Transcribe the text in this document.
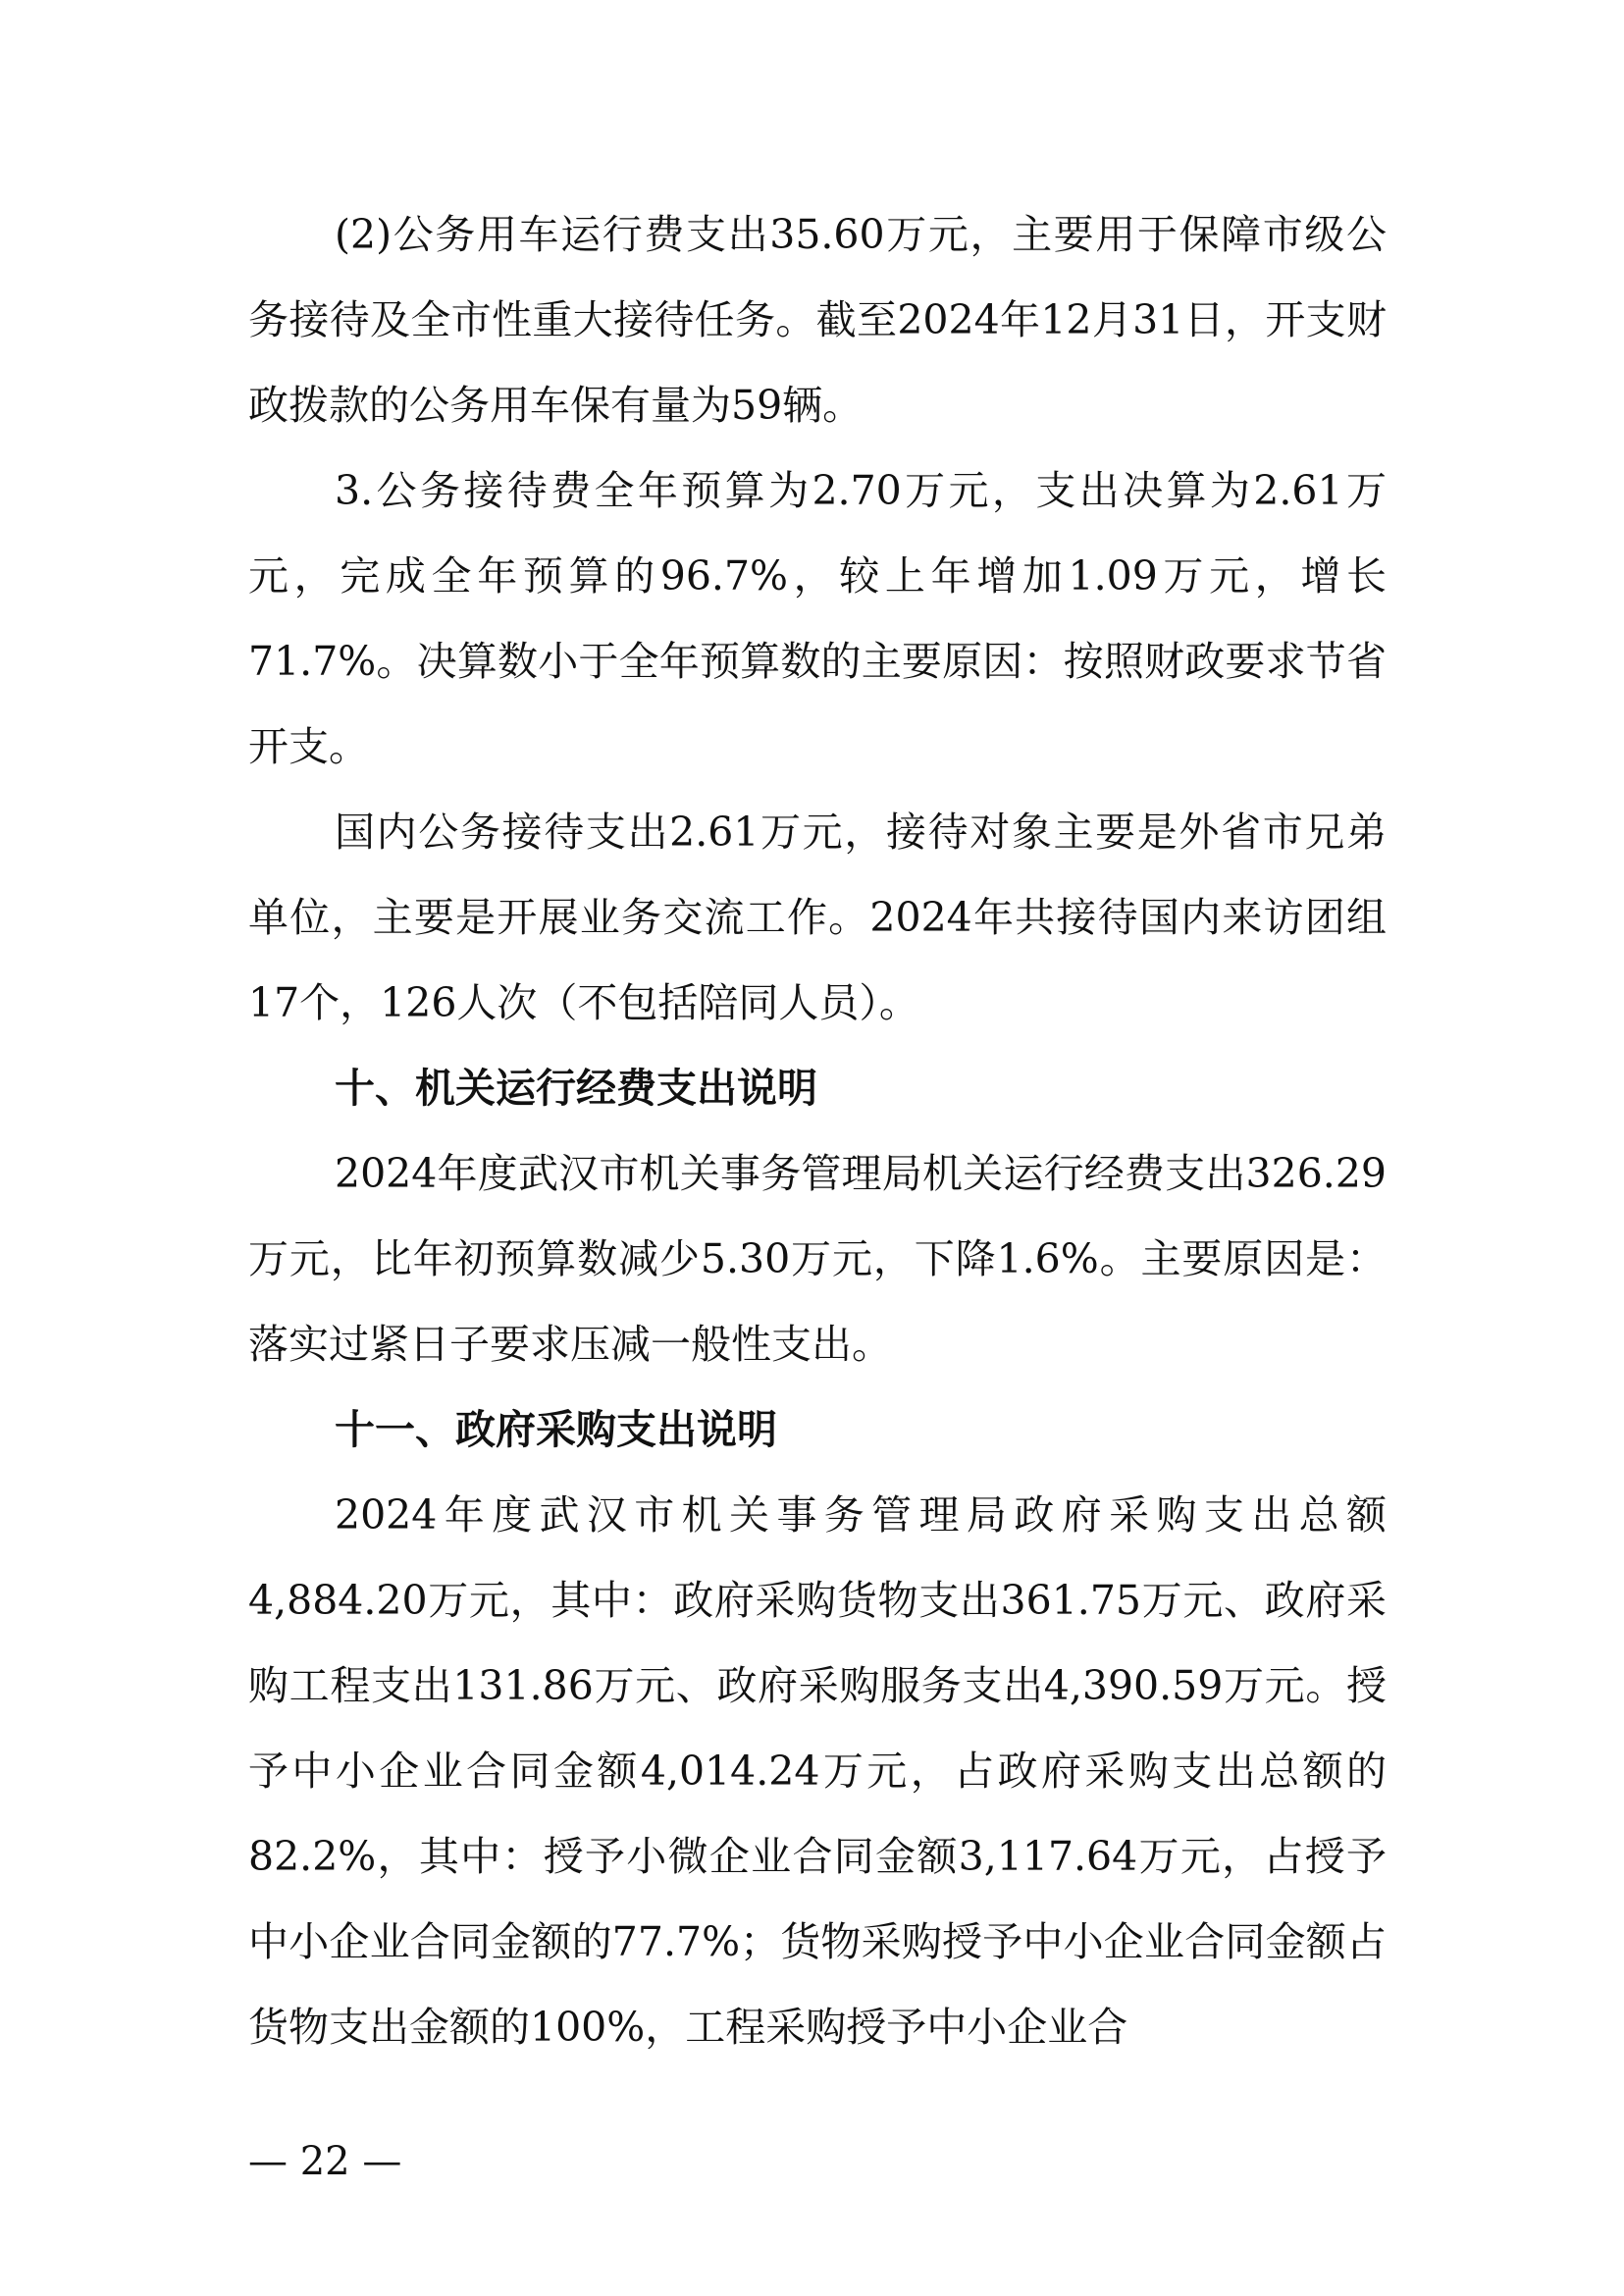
(2)公务用车运行费支出35.60万元，主要用于保障市级公务接待及全市性重大接待任务。截至2024年12月31日，开支财政拨款的公务用车保有量为59辆。

3.公务接待费全年预算为2.70万元，支出决算为2.61万元，完成全年预算的96.7%，较上年增加1.09万元，增长71.7%。决算数小于全年预算数的主要原因：按照财政要求节省开支。

国内公务接待支出2.61万元，接待对象主要是外省市兄弟单位，主要是开展业务交流工作。2024年共接待国内来访团组17个，126人次（不包括陪同人员）。

十、机关运行经费支出说明

2024年度武汉市机关事务管理局机关运行经费支出326.29万元，比年初预算数减少5.30万元，下降1.6%。主要原因是：落实过紧日子要求压减一般性支出。

十一、政府采购支出说明

2024年度武汉市机关事务管理局政府采购支出总额4,884.20万元，其中：政府采购货物支出361.75万元、政府采购工程支出131.86万元、政府采购服务支出4,390.59万元。授予中小企业合同金额4,014.24万元，占政府采购支出总额的82.2%，其中：授予小微企业合同金额3,117.64万元，占授予中小企业合同金额的77.7%；货物采购授予中小企业合同金额占货物支出金额的100%，工程采购授予中小企业合

— 22 —
